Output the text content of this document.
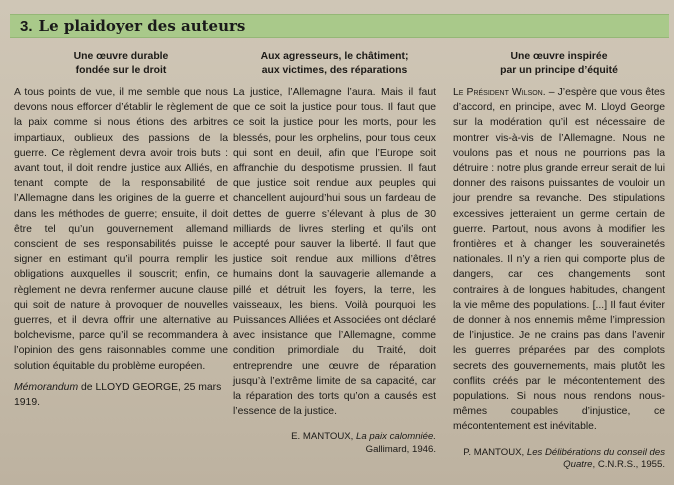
3. Le plaidoyer des auteurs
Une œuvre durable
fondée sur le droit

A tous points de vue, il me semble que nous devons nous efforcer d’établir le règlement de la paix comme si nous étions des arbitres impartiaux, oublieux des passions de la guerre. Ce règlement devra avoir trois buts : avant tout, il doit rendre justice aux Alliés, en tenant compte de la responsabilité de l’Allemagne dans les origines de la guerre et dans les méthodes de guerre; ensuite, il doit être tel qu’un gouvernement allemand conscient de ses responsabilités puisse le signer en estimant qu’il pourra remplir les obligations auxquelles il souscrit; enfin, ce règlement ne devra renfermer aucune clause qui soit de nature à provoquer de nouvelles guerres, et il devra offrir une alternative au bolchevisme, parce qu’il se recommandera à l’opinion des gens raisonnables comme une solution équitable du problème européen.

Mémorandum de LLOYD GEORGE, 25 mars 1919.
Aux agresseurs, le châtiment;
aux victimes, des réparations

La justice, l’Allemagne l’aura. Mais il faut que ce soit la justice pour tous. Il faut que ce soit la justice pour les morts, pour les blessés, pour les orphelins, pour tous ceux qui sont en deuil, afin que l’Europe soit affranchie du despotisme prussien. Il faut que justice soit rendue aux peuples qui chancellent aujourd’hui sous un fardeau de dettes de guerre s’élevant à plus de 30 milliards de livres sterling et qu’ils ont accepté pour sauver la liberté. Il faut que justice soit rendue aux millions d’êtres humains dont la sauvagerie allemande a pillé et détruit les foyers, la terre, les vaisseaux, les biens. Voilà pourquoi les Puissances Alliées et Associées ont déclaré avec insistance que l’Allemagne, comme condition primordiale du Traité, doit entreprendre une œuvre de réparation jusqu’à l’extrême limite de sa capacité, car la réparation des torts qu’on a causés est l’essence de la justice.

E. MANTOUX, La paix calomniée.
Gallimard, 1946.
Une œuvre inspirée
par un principe d’équité

Le Président Wilson. – J’espère que vous êtes d’accord, en principe, avec M. Lloyd George sur la modération qu’il est nécessaire de montrer vis-à-vis de l’Allemagne. Nous ne voulons pas et nous ne pourrions pas la détruire : notre plus grande erreur serait de lui donner des raisons puissantes de vouloir un jour prendre sa revanche. Des stipulations excessives jetteraient un germe certain de guerre. Partout, nous avons à modifier les frontières et à changer les souverainetés nationales. Il n’y a rien qui comporte plus de dangers, car ces changements sont contraires à de longues habitudes, changent la vie même des populations. [...] Il faut éviter de donner à nos ennemis même l’impression de l’injustice. Je ne crains pas dans l’avenir les guerres préparées par des complots secrets des gouvernements, mais plutôt les conflits créés par le mécontentement des populations. Si nous nous rendons nous-mêmes coupables d’injustice, ce mécontentement est inévitable.

P. MANTOUX, Les Délibérations du conseil des Quatre, C.N.R.S., 1955.
